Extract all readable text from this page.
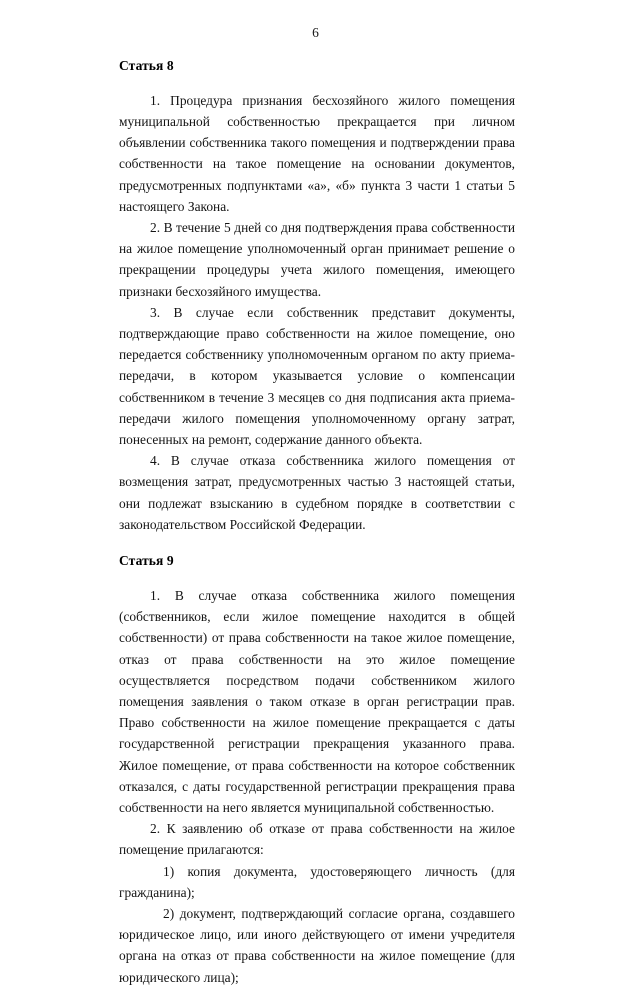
6
Статья 8

1. Процедура признания бесхозяйного жилого помещения муниципальной собственностью прекращается при личном объявлении собственника такого помещения и подтверждении права собственности на такое помещение на основании документов, предусмотренных подпунктами «а», «б» пункта 3 части 1 статьи 5 настоящего Закона.

2. В течение 5 дней со дня подтверждения права собственности на жилое помещение уполномоченный орган принимает решение о прекращении процедуры учета жилого помещения, имеющего признаки бесхозяйного имущества.

3. В случае если собственник представит документы, подтверждающие право собственности на жилое помещение, оно передается собственнику уполномоченным органом по акту приема-передачи, в котором указывается условие о компенсации собственником в течение 3 месяцев со дня подписания акта приема-передачи жилого помещения уполномоченному органу затрат, понесенных на ремонт, содержание данного объекта.

4. В случае отказа собственника жилого помещения от возмещения затрат, предусмотренных частью 3 настоящей статьи, они подлежат взысканию в судебном порядке в соответствии с законодательством Российской Федерации.

Статья 9

1. В случае отказа собственника жилого помещения (собственников, если жилое помещение находится в общей собственности) от права собственности на такое жилое помещение, отказ от права собственности на это жилое помещение осуществляется посредством подачи собственником жилого помещения заявления о таком отказе в орган регистрации прав. Право собственности на жилое помещение прекращается с даты государственной регистрации прекращения указанного права. Жилое помещение, от права собственности на которое собственник отказался, с даты государственной регистрации прекращения права собственности на него является муниципальной собственностью.

2. К заявлению об отказе от права собственности на жилое помещение прилагаются:

1) копия документа, удостоверяющего личность (для гражданина);

2) документ, подтверждающий согласие органа, создавшего юридическое лицо, или иного действующего от имени учредителя органа на отказ от права собственности на жилое помещение (для юридического лица);
